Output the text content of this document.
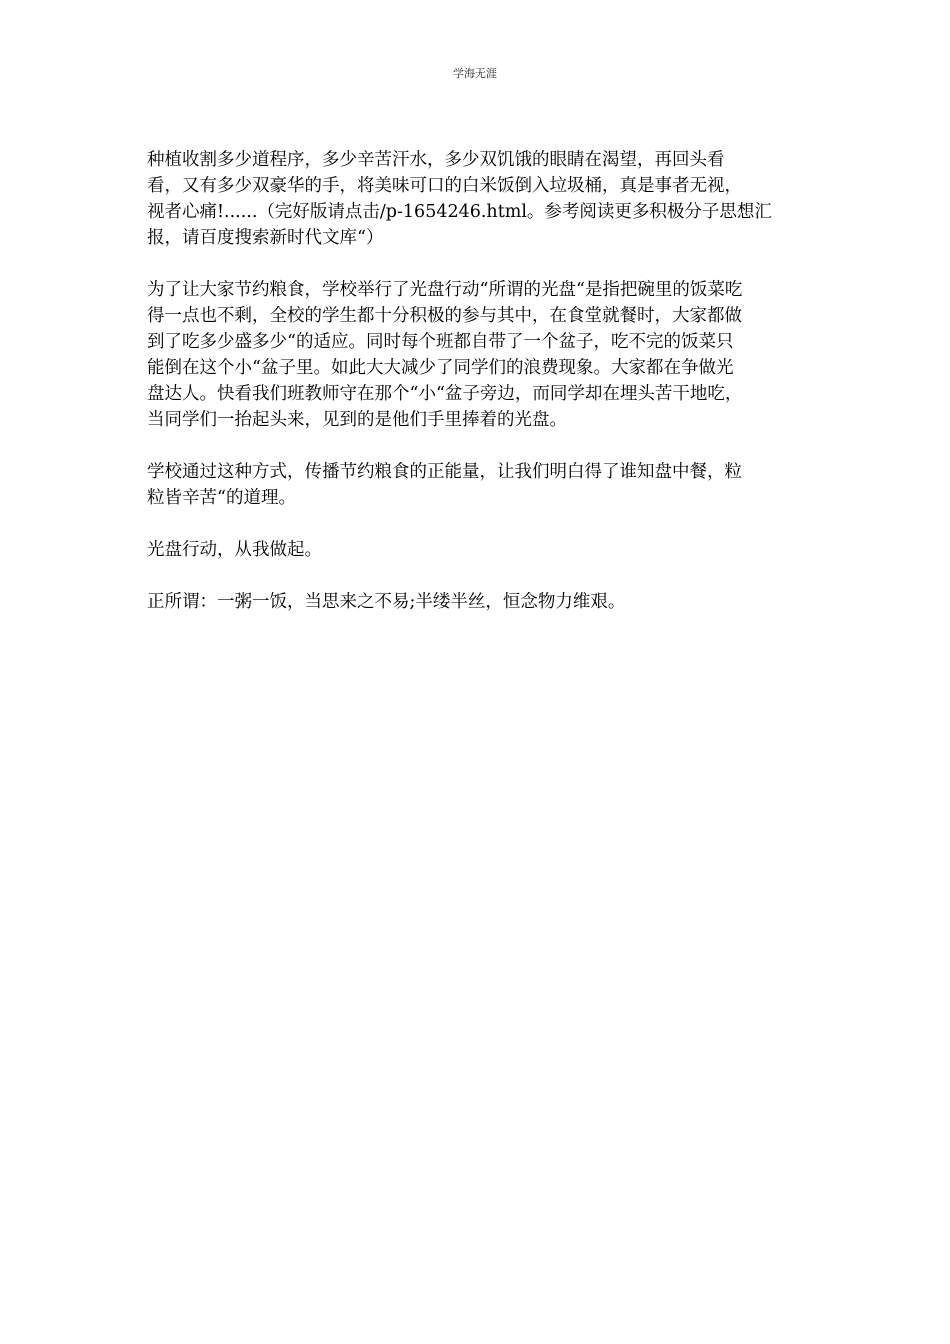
学海无涯

种植收割多少道程序，多少辛苦汗水，多少双饥饿的眼睛在渴望，再回头看
看，又有多少双豪华的手，将美味可口的白米饭倒入垃圾桶，真是事者无视，
视者心痛!......（完好版请点击/p-1654246.html。参考阅读更多积极分子思想汇
报，请百度搜索新时代文库“）

为了让大家节约粮食，学校举行了光盘行动“所谓的光盘“是指把碗里的饭菜吃
得一点也不剩，全校的学生都十分积极的参与其中，在食堂就餐时，大家都做
到了吃多少盛多少“的适应。同时每个班都自带了一个盆子，吃不完的饭菜只
能倒在这个小“盆子里。如此大大减少了同学们的浪费现象。大家都在争做光
盘达人。快看我们班教师守在那个“小“盆子旁边，而同学却在埋头苦干地吃，
当同学们一抬起头来，见到的是他们手里捧着的光盘。

学校通过这种方式，传播节约粮食的正能量，让我们明白得了谁知盘中餐，粒
粒皆辛苦“的道理。

光盘行动，从我做起。

正所谓：一粥一饭，当思来之不易;半缕半丝，恒念物力维艰。
